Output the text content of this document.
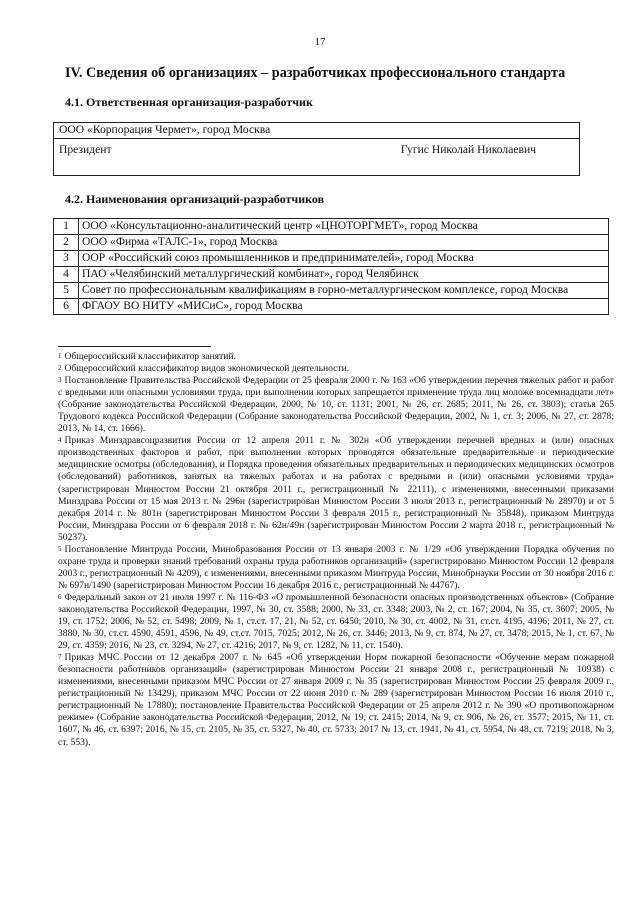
17
IV. Сведения об организациях – разработчиках профессионального стандарта
4.1. Ответственная организация-разработчик
ООО «Корпорация Чермет», город Москва

Президент	Гугис Николай Николаевич
4.2. Наименования организаций-разработчиков
1	ООО «Консультационно-аналитический центр «ЦНОТОРГМЕТ», город Москва
2	ООО «Фирма «ТАЛС-1», город Москва
3	ООР «Российский союз промышленников и предпринимателей», город Москва
4	ПАО «Челябинский металлургический комбинат», город Челябинск
5	Совет по профессиональным квалификациям в горно-металлургическом комплексе, город Москва
6	ФГАОУ ВО НИТУ «МИСиС», город Москва
$^1$ Общероссийский классификатор занятий.
$^2$ Общероссийский классификатор видов экономической деятельности.
$^3$ Постановление Правительства Российской Федерации от 25 февраля 2000 г. № 163 «Об утверждении перечня тяжелых работ и работ с вредными или опасными условиями труда, при выполнении которых запрещается применение труда лиц моложе восемнадцати лет» (Собрание законодательства Российской Федерации, 2000, № 10, ст. 1131; 2001, № 26, ст. 2685; 2011, № 26, ст. 3803); статья 265 Трудового кодекса Российской Федерации (Собрание законодательства Российской Федерации, 2002, № 1, ст. 3; 2006, № 27, ст. 2878; 2013, № 14, ст. 1666).
$^4$ Приказ Минздравсоцразвития России от 12 апреля 2011 г. № 302н «Об утверждении перечней вредных и (или) опасных производственных факторов и работ, при выполнении которых проводятся обязательные предварительные и периодические медицинские осмотры (обследования), и Порядка проведения обязательных предварительных и периодических медицинских осмотров (обследований) работников, занятых на тяжелых работах и на работах с вредными и (или) опасными условиями труда» (зарегистрирован Минюстом России 21 октября 2011 г., регистрационный № 22111), с изменениями, внесенными приказами Минздрава России от 15 мая 2013 г. № 296н (зарегистрирован Минюстом России 3 июля 2013 г., регистрационный № 28970) и от 5 декабря 2014 г. № 801н (зарегистрирован Минюстом России 3 февраля 2015 г., регистрационный № 35848), приказом Минтруда России, Минздрава России от 6 февраля 2018 г. № 62н/49н (зарегистрирован Минюстом России 2 марта 2018 г., регистрационный № 50237).
$^5$ Постановление Минтруда России, Минобразования России от 13 января 2003 г. № 1/29 «Об утверждении Порядка обучения по охране труда и проверки знаний требований охраны труда работников организаций» (зарегистрировано Минюстом России 12 февраля 2003 г., регистрационный № 4209), с изменениями, внесенными приказом Минтруда России, Минобрнауки России от 30 ноября 2016 г. № 697н/1490 (зарегистрирован Минюстом России 16 декабря 2016 г., регистрационный № 44767).
$^6$ Федеральный закон от 21 июля 1997 г. № 116-ФЗ «О промышленной безопасности опасных производственных объектов» (Собрание законодательства Российской Федерации, 1997, № 30, ст. 3588; 2000, № 33, ст. 3348; 2003, № 2, ст. 167; 2004, № 35, ст. 3607; 2005, № 19, ст. 1752; 2006, № 52, ст. 5498; 2009, № 1, ст.ст. 17, 21, № 52, ст. 6450; 2010, № 30, ст. 4002, № 31, ст.ст. 4195, 4196; 2011, № 27, ст. 3880, № 30, ст.ст. 4590, 4591, 4596, № 49, ст.ст. 7015, 7025; 2012, № 26, ст. 3446; 2013, № 9, ст. 874, № 27, ст. 3478; 2015, № 1, ст. 67, № 29, ст. 4359; 2016, № 23, ст. 3294, № 27, ст. 4216; 2017, № 9, ст. 1282, № 11, ст. 1540).
$^7$ Приказ МЧС России от 12 декабря 2007 г. № 645 «Об утверждении Норм пожарной безопасности «Обучение мерам пожарной безопасности работников организаций» (зарегистрирован Минюстом России 21 января 2008 г., регистрационный № 10938) с изменениями, внесенными приказом МЧС России от 27 января 2009 г. № 35 (зарегистрирован Минюстом России 25 февраля 2009 г., регистрационный № 13429), приказом МЧС России от 22 июня 2010 г. № 289 (зарегистрирован Минюстом России 16 июля 2010 г., регистрационный № 17880); постановление Правительства Российской Федерации от 25 апреля 2012 г. № 390 «О противопожарном режиме» (Собрание законодательства Российской Федерации, 2012, № 19, ст. 2415; 2014, № 9, ст. 906, № 26, ст. 3577; 2015, № 11, ст. 1607, № 46, ст. 6397; 2016, № 15, ст. 2105, № 35, ст. 5327, № 40, ст. 5733; 2017 № 13, ст. 1941, № 41, ст. 5954, № 48, ст. 7219; 2018, № 3, ст. 553).
